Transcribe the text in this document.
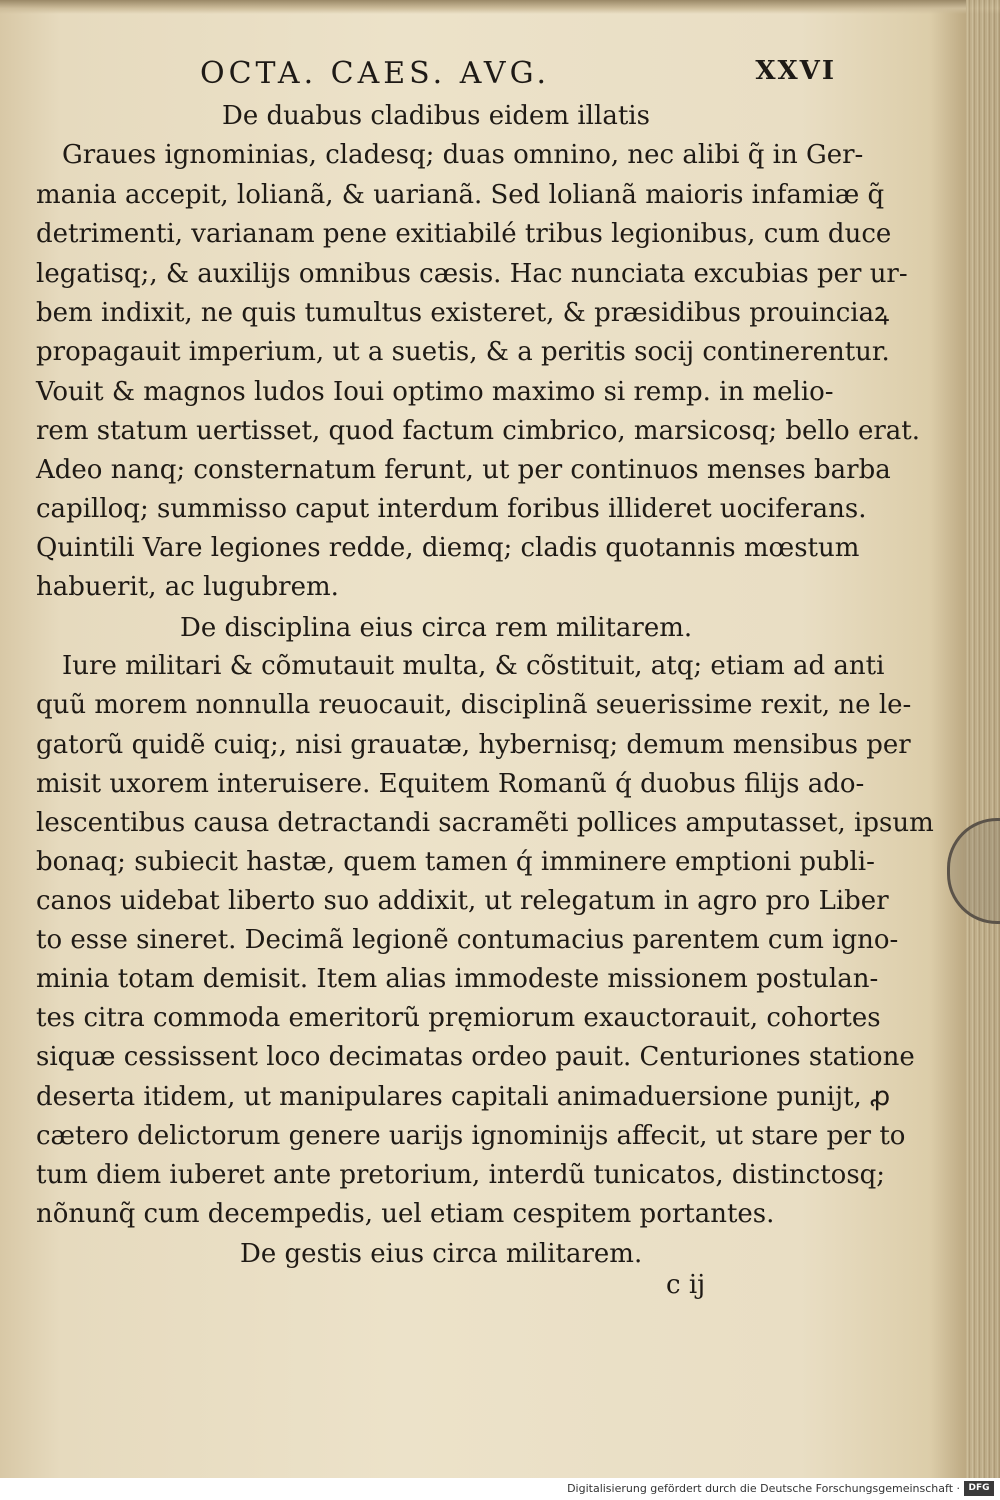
OCTA. CAES. AVG.	XXVI
De duabus cladibus eidem illatis
Graues ignominias, cladesq; duas omnino, nec alibi q̃ in Ger-
mania accepit, lolianã, & uarianã. Sed lolianã maioris infamiæ q̃
detrimenti, varianam pene exitiabilé tribus legionibus, cum duce
legatisq;, & auxilijs omnibus cæsis. Hac nunciata excubias per ur-
bem indixit, ne quis tumultus existeret, & præsidibus prouinciaꝝ
propagauit imperium, ut a suetis, & a peritis socij continerentur.
Vouit & magnos ludos Ioui optimo maximo si remp. in melio-
rem statum uertisset, quod factum cimbrico, marsicosq; bello erat.
Adeo nanq; consternatum ferunt, ut per continuos menses barba
capilloq; summisso caput interdum foribus illideret uociferans.
Quintili Vare legiones redde, diemq; cladis quotannis mœstum
habuerit, ac lugubrem.
De disciplina eius circa rem militarem.
Iure militari & cõmutauit multa, & cõstituit, atq; etiam ad anti
quũ morem nonnulla reuocauit, disciplinã seuerissime rexit, ne le-
gatorũ quidẽ cuiq;, nisi grauatæ, hybernisq; demum mensibus per
misit uxorem interuisere. Equitem Romanũ q́ duobus filijs ado-
lescentibus causa detractandi sacramẽti pollices amputasset, ipsum
bonaq; subiecit hastæ, quem tamen q́ imminere emptioni publi-
canos uidebat liberto suo addixit, ut relegatum in agro pro Liber
to esse sineret. Decimã legionẽ contumacius parentem cum igno-
minia totam demisit. Item alias immodeste missionem postulan-
tes citra commoda emeritorũ pręmiorum exauctorauit, cohortes
siquæ cessissent loco decimatas ordeo pauit. Centuriones statione
deserta itidem, ut manipulares capitali animaduersione punijt, ꝓ
cætero delictorum genere uarijs ignominijs affecit, ut stare per to
tum diem iuberet ante pretorium, interdũ tunicatos, distinctosq;
nõnunq̃ cum decempedis, uel etiam cespitem portantes.
De gestis eius circa militarem.
c ij
Digitalisierung gefördert durch die Deutsche Forschungsgemeinschaft · DFG
